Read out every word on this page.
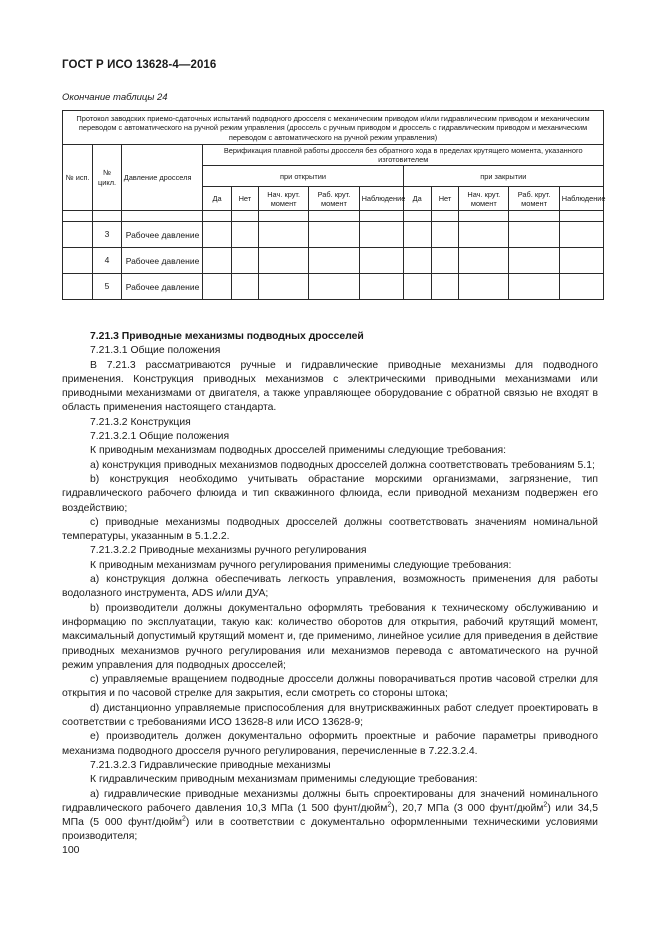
ГОСТ Р ИСО 13628-4—2016
Окончание таблицы 24
Протокол заводских приемо-сдаточных испытаний подводного дросселя с механическим приводом и/или гидравлическим приводом и механическим переводом с автоматического на ручной режим управления (дроссель с ручным приводом и дроссель с гидравлическим приводом и механическим переводом с автоматического на ручной режим управления)												
№ исп.	№ цикл.	Давление дросселя	Верификация плавной работы дросселя без обратного хода в пределах крутящего момента, указанного изготовителем									
			при открытии					при закрытии				
			Да	Нет	Нач. крут. момент	Раб. крут. момент	Наблюдение	Да	Нет	Нач. крут. момент	Раб. крут. момент	Наблюдение

	3	Рабочее давление										
	4	Рабочее давление										
	5	Рабочее давление										

7.21.3 Приводные механизмы подводных дросселей

7.21.3.1 Общие положения

В 7.21.3 рассматриваются ручные и гидравлические приводные механизмы для подводного применения. Конструкция приводных механизмов с электрическими приводными механизмами или приводными механизмами от двигателя, а также управляющее оборудование с обратной связью не входят в область применения настоящего стандарта.

7.21.3.2 Конструкция

7.21.3.2.1 Общие положения

К приводным механизмам подводных дросселей применимы следующие требования:

a) конструкция приводных механизмов подводных дросселей должна соответствовать требованиям 5.1;

b) конструкция необходимо учитывать обрастание морскими организмами, загрязнение, тип гидравлического рабочего флюида и тип скважинного флюида, если приводной механизм подвержен его воздействию;

c) приводные механизмы подводных дросселей должны соответствовать значениям номинальной температуры, указанным в 5.1.2.2.

7.21.3.2.2 Приводные механизмы ручного регулирования

К приводным механизмам ручного регулирования применимы следующие требования:

a) конструкция должна обеспечивать легкость управления, возможность применения для работы водолазного инструмента, ADS и/или ДУА;

b) производители должны документально оформлять требования к техническому обслуживанию и информацию по эксплуатации, такую как: количество оборотов для открытия, рабочий крутящий момент, максимальный допустимый крутящий момент и, где применимо, линейное усилие для приведения в действие приводных механизмов ручного регулирования или механизмов перевода с автоматического на ручной режим управления для подводных дросселей;

c) управляемые вращением подводные дроссели должны поворачиваться против часовой стрелки для открытия и по часовой стрелке для закрытия, если смотреть со стороны штока;

d) дистанционно управляемые приспособления для внутрискважинных работ следует проектировать в соответствии с требованиями ИСО 13628-8 или ИСО 13628-9;

e) производитель должен документально оформить проектные и рабочие параметры приводного механизма подводного дросселя ручного регулирования, перечисленные в 7.22.3.2.4.

7.21.3.2.3 Гидравлические приводные механизмы

К гидравлическим приводным механизмам применимы следующие требования:

a) гидравлические приводные механизмы должны быть спроектированы для значений номинального гидравлического рабочего давления 10,3 МПа (1 500 фунт/дюйм$^2$), 20,7 МПа (3 000 фунт/дюйм$^2$) или 34,5 МПа (5 000 фунт/дюйм$^2$) или в соответствии с документально оформленными техническими условиями производителя;

100
